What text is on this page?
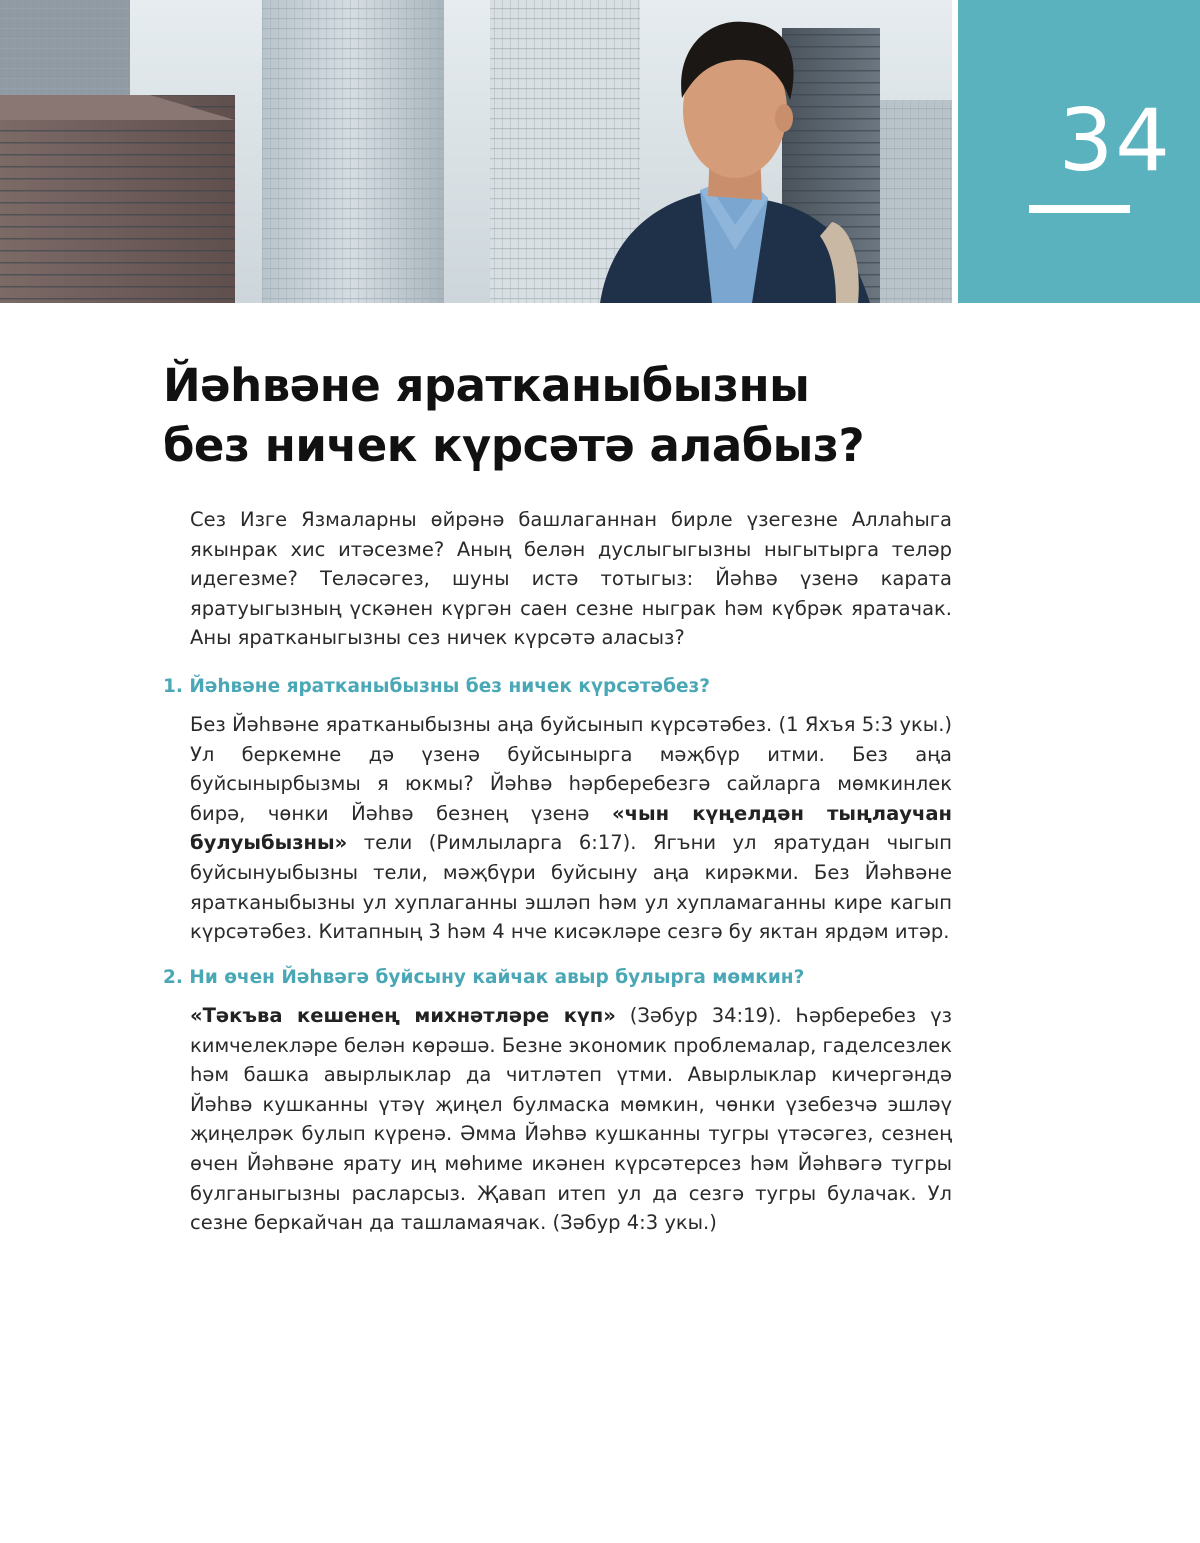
34
Йәһвәне яратканыбызны
без ничек күрсәтә алабыз?

Сез Изге Язмаларны өйрәнә башлаганнан бирле үзегезне Аллаһыга якынрак хис итәсезме? Аның белән дуслыгыгызны ныгытырга теләр идегезме? Теләсәгез, шуны истә тотыгыз: Йәһвә үзенә карата яратуыгызның үскәнен күргән саен сезне ныграк һәм күбрәк яратачак. Аны яратканыгызны сез ничек күрсәтә аласыз?

1. Йәһвәне яратканыбызны без ничек күрсәтәбез?

Без Йәһвәне яратканыбызны аңа буйсынып күрсәтәбез. (1 Яхъя 5:3 укы.) Ул беркемне дә үзенә буйсынырга мәҗбүр итми. Без аңа буйсынырбызмы я юкмы? Йәһвә һәрберебезгә сайларга мөмкинлек бирә, чөнки Йәһвә безнең үзенә «чын күңелдән тыңлаучан булуыбызны» тели (Римлыларга 6:17). Ягъни ул яратудан чыгып буйсынуыбызны тели, мәҗбүри буйсыну аңа кирәкми. Без Йәһвәне яратканыбызны ул хуплаганны эшләп һәм ул хупламаганны кире кагып күрсәтәбез. Китапның 3 һәм 4 нче кисәкләре сезгә бу яктан ярдәм итәр.

2. Ни өчен Йәһвәгә буйсыну кайчак авыр булырга мөмкин?

«Тәкъва кешенең михнәтләре күп» (Зәбур 34:19). Һәрберебез үз кимчелекләре белән көрәшә. Безне экономик проблемалар, гаделсезлек һәм башка авырлыклар да читләтеп үтми. Авырлыклар кичергәндә Йәһвә кушканны үтәү җиңел булмаска мөмкин, чөнки үзебезчә эшләү җиңелрәк булып күренә. Әмма Йәһвә кушканны тугры үтәсәгез, сезнең өчен Йәһвәне ярату иң мөһиме икәнен күрсәтерсез һәм Йәһвәгә тугры булганыгызны расларсыз. Җавап итеп ул да сезгә тугры булачак. Ул сезне беркайчан да ташламаячак. (Зәбур 4:3 укы.)
